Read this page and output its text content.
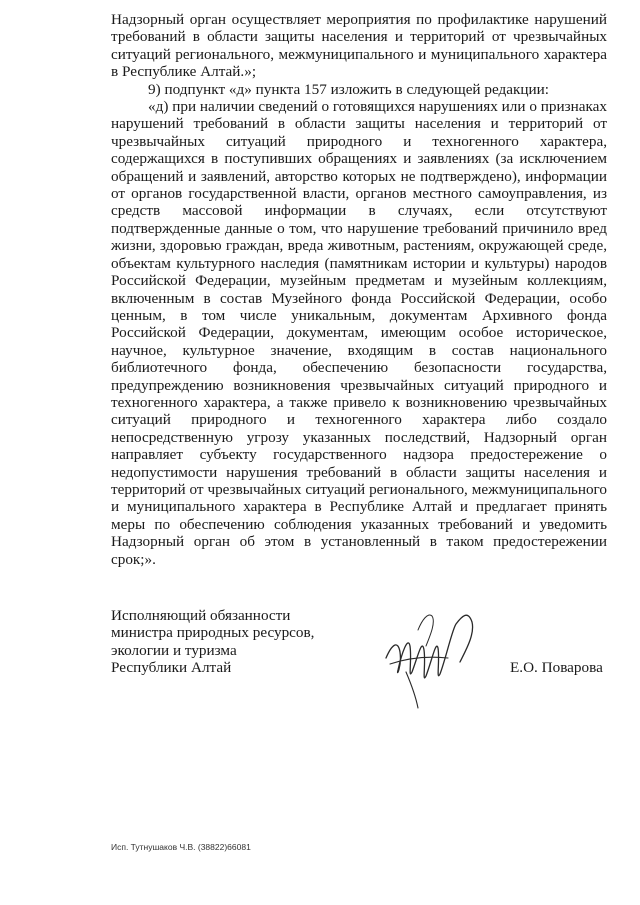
Надзорный орган осуществляет мероприятия по профилактике нарушений требований в области защиты населения и территорий от чрезвычайных ситуаций регионального, межмуниципального и муниципального характера в Республике Алтай.»;

9) подпункт «д» пункта 157 изложить в следующей редакции:

«д) при наличии сведений о готовящихся нарушениях или о признаках нарушений требований в области защиты населения и территорий от чрезвычайных ситуаций природного и техногенного характера, содержащихся в поступивших обращениях и заявлениях (за исключением обращений и заявлений, авторство которых не подтверждено), информации от органов государственной власти, органов местного самоуправления, из средств массовой информации в случаях, если отсутствуют подтвержденные данные о том, что нарушение требований причинило вред жизни, здоровью граждан, вреда животным, растениям, окружающей среде, объектам культурного наследия (памятникам истории и культуры) народов Российской Федерации, музейным предметам и музейным коллекциям, включенным в состав Музейного фонда Российской Федерации, особо ценным, в том числе уникальным, документам Архивного фонда Российской Федерации, документам, имеющим особое историческое, научное, культурное значение, входящим в состав национального библиотечного фонда, обеспечению безопасности государства, предупреждению возникновения чрезвычайных ситуаций природного и техногенного характера, а также привело к возникновению чрезвычайных ситуаций природного и техногенного характера либо создало непосредственную угрозу указанных последствий, Надзорный орган направляет субъекту государственного надзора предостережение о недопустимости нарушения требований в области защиты населения и территорий от чрезвычайных ситуаций регионального, межмуниципального и муниципального характера в Республике Алтай и предлагает принять меры по обеспечению соблюдения указанных требований и уведомить Надзорный орган об этом в установленный в таком предостережении срок;».

Исполняющий обязанности
министра природных ресурсов,
экологии и туризма
Республики Алтай	Е.О. Поварова
Исп. Тутнушаков Ч.В. (38822)66081
